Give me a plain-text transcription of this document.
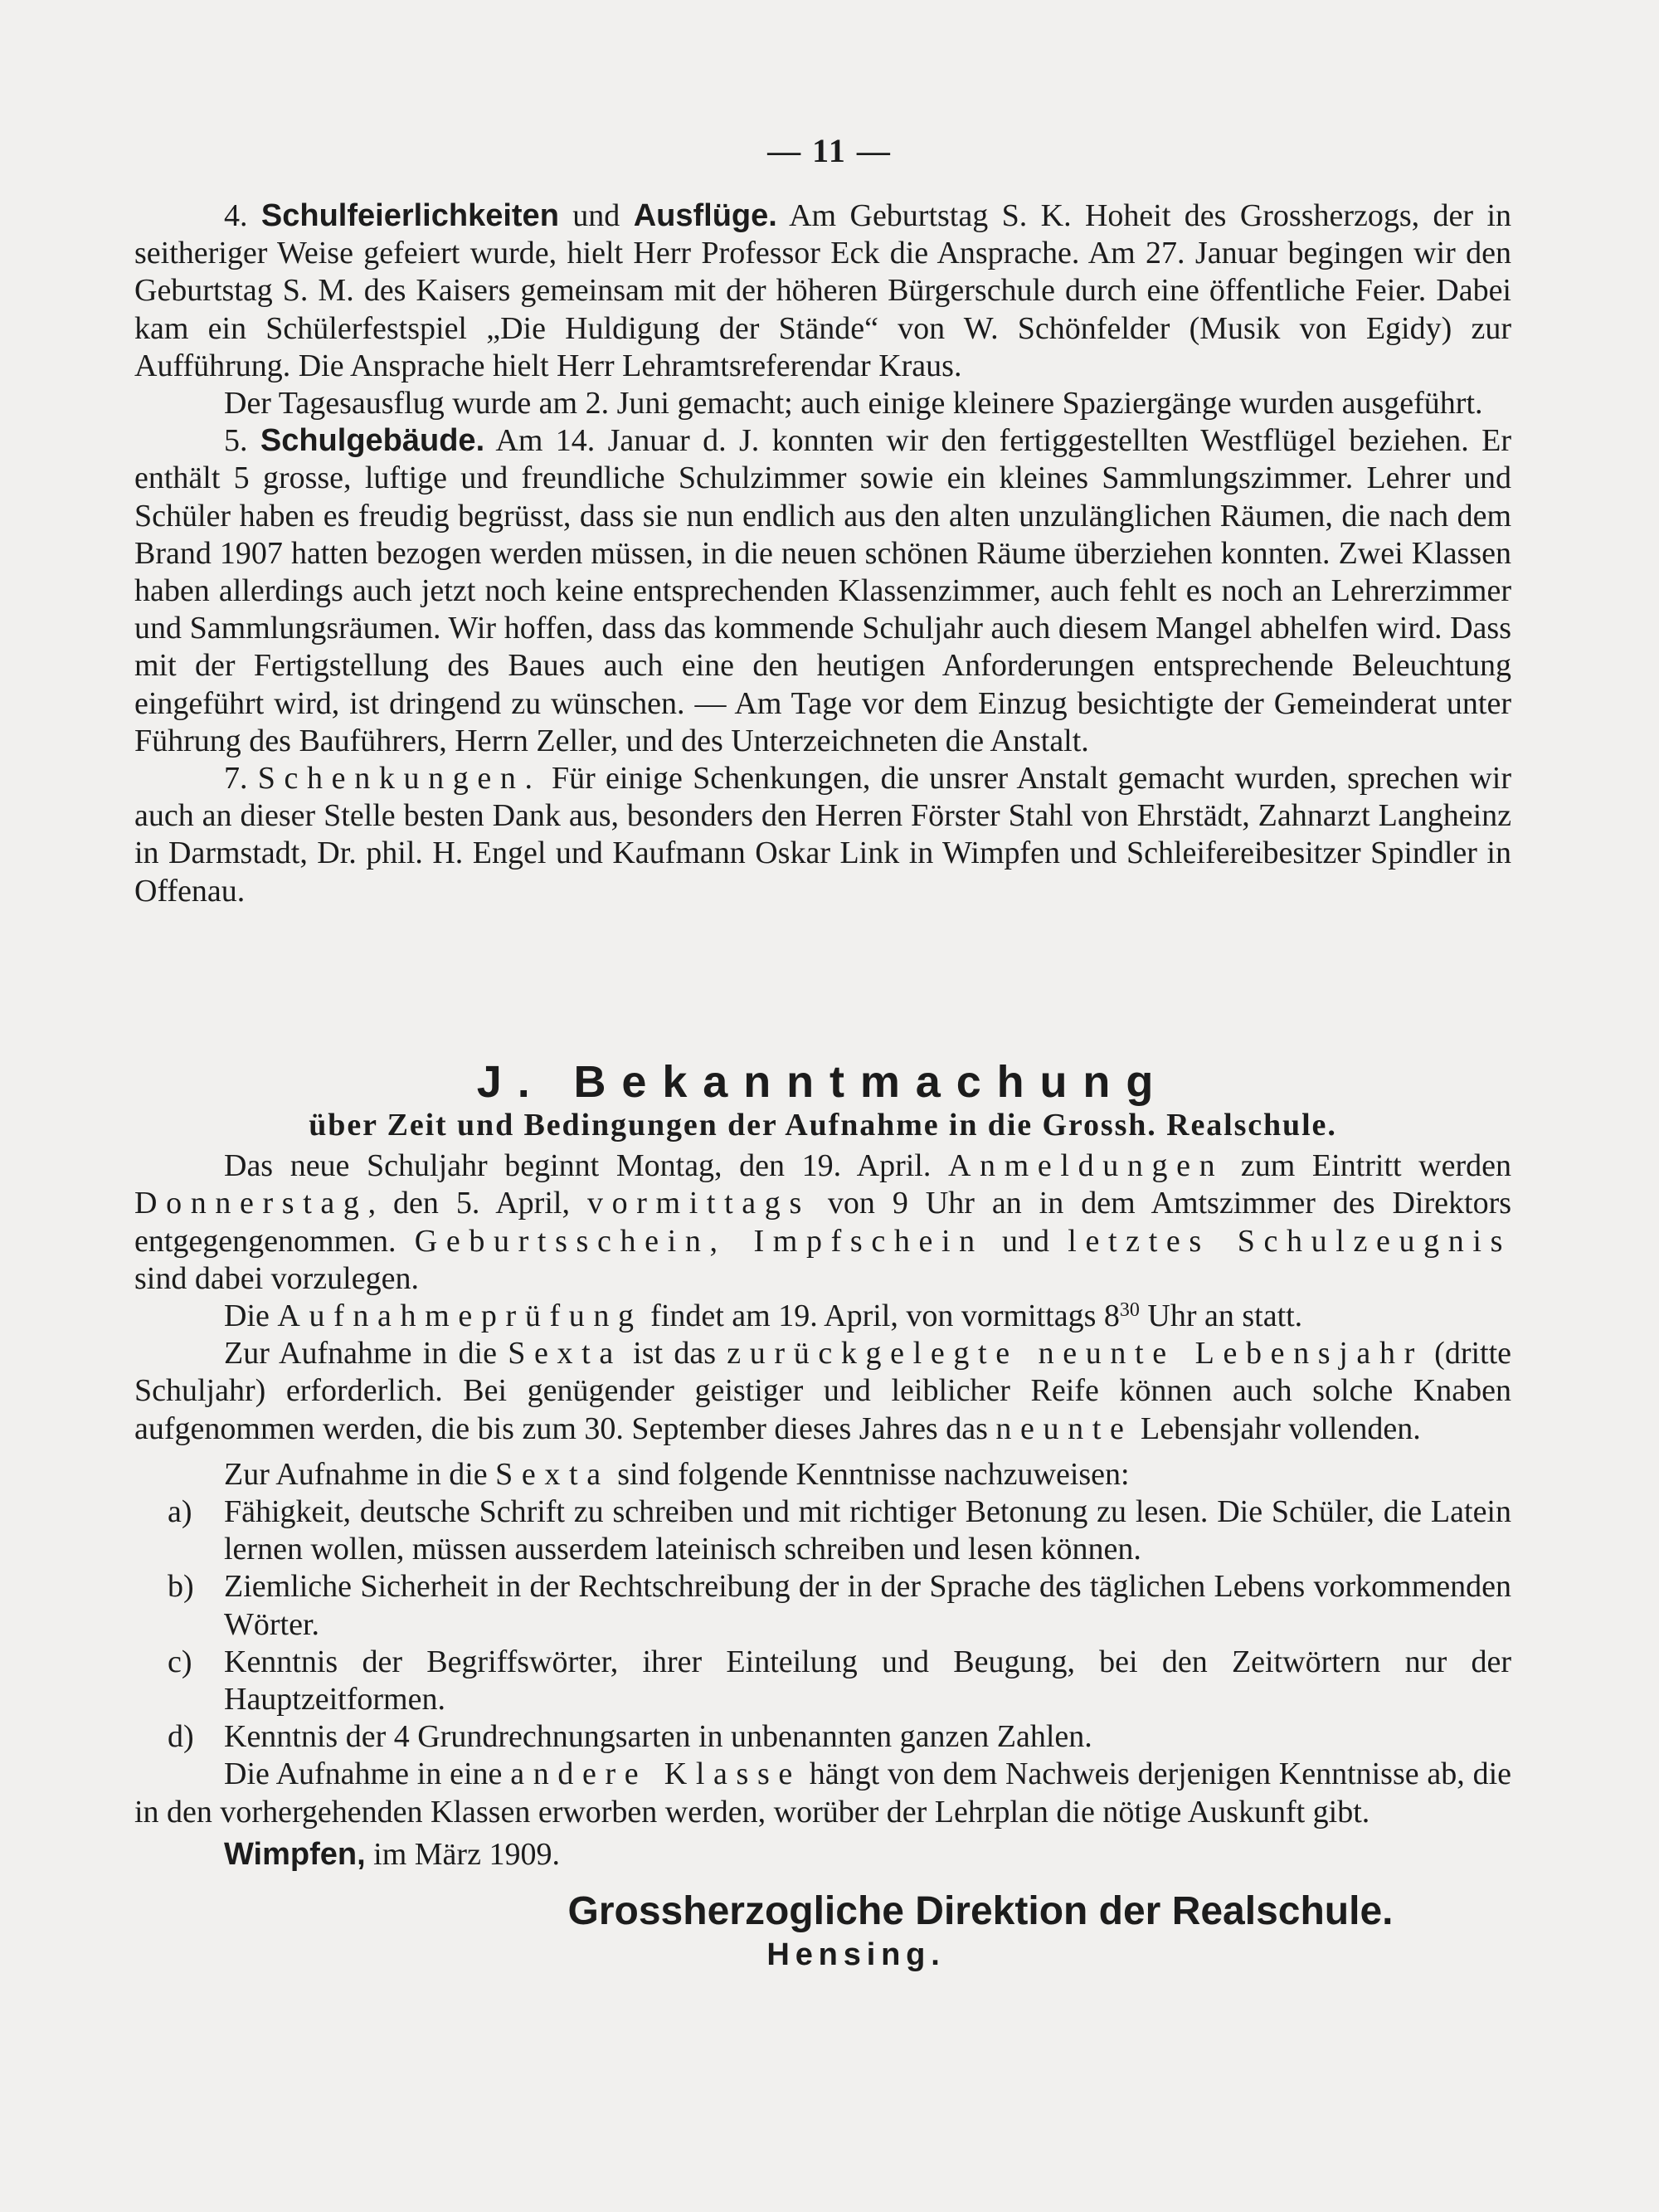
— 11 —

4. Schulfeierlichkeiten und Ausflüge. Am Geburtstag S. K. Hoheit des Grossherzogs, der in seitheriger Weise gefeiert wurde, hielt Herr Professor Eck die Ansprache. Am 27. Januar begingen wir den Geburtstag S. M. des Kaisers gemeinsam mit der höheren Bürgerschule durch eine öffentliche Feier. Dabei kam ein Schülerfestspiel „Die Huldigung der Stände“ von W. Schönfelder (Musik von Egidy) zur Aufführung. Die Ansprache hielt Herr Lehramtsreferendar Kraus.

Der Tagesausflug wurde am 2. Juni gemacht; auch einige kleinere Spaziergänge wurden ausgeführt.

5. Schulgebäude. Am 14. Januar d. J. konnten wir den fertiggestellten Westflügel beziehen. Er enthält 5 grosse, luftige und freundliche Schulzimmer sowie ein kleines Sammlungszimmer. Lehrer und Schüler haben es freudig begrüsst, dass sie nun endlich aus den alten unzulänglichen Räumen, die nach dem Brand 1907 hatten bezogen werden müssen, in die neuen schönen Räume überziehen konnten. Zwei Klassen haben allerdings auch jetzt noch keine entsprechenden Klassenzimmer, auch fehlt es noch an Lehrerzimmer und Sammlungsräumen. Wir hoffen, dass das kommende Schuljahr auch diesem Mangel abhelfen wird. Dass mit der Fertigstellung des Baues auch eine den heutigen Anforderungen entsprechende Beleuchtung eingeführt wird, ist dringend zu wünschen. — Am Tage vor dem Einzug besichtigte der Gemeinderat unter Führung des Bauführers, Herrn Zeller, und des Unterzeichneten die Anstalt.

7. Schenkungen. Für einige Schenkungen, die unsrer Anstalt gemacht wurden, sprechen wir auch an dieser Stelle besten Dank aus, besonders den Herren Förster Stahl von Ehrstädt, Zahnarzt Langheinz in Darmstadt, Dr. phil. H. Engel und Kaufmann Oskar Link in Wimpfen und Schleifereibesitzer Spindler in Offenau.

J. Bekanntmachung

über Zeit und Bedingungen der Aufnahme in die Grossh. Realschule.

Das neue Schuljahr beginnt Montag, den 19. April. Anmeldungen zum Eintritt werden Donnerstag, den 5. April, vormittags von 9 Uhr an in dem Amtszimmer des Direktors entgegengenommen. Geburtsschein, Impfschein und letztes Schulzeugnis sind dabei vorzulegen.

Die Aufnahmeprüfung findet am 19. April, von vormittags $8^{30}$ Uhr an statt.

Zur Aufnahme in die Sexta ist das zurückgelegte neunte Lebensjahr (dritte Schuljahr) erforderlich. Bei genügender geistiger und leiblicher Reife können auch solche Knaben aufgenommen werden, die bis zum 30. September dieses Jahres das neunte Lebensjahr vollenden.

Zur Aufnahme in die Sexta sind folgende Kenntnisse nachzuweisen:

a) Fähigkeit, deutsche Schrift zu schreiben und mit richtiger Betonung zu lesen. Die Schüler, die Latein lernen wollen, müssen ausserdem lateinisch schreiben und lesen können.
b) Ziemliche Sicherheit in der Rechtschreibung der in der Sprache des täglichen Lebens vorkommenden Wörter.
c) Kenntnis der Begriffswörter, ihrer Einteilung und Beugung, bei den Zeitwörtern nur der Hauptzeitformen.
d) Kenntnis der 4 Grundrechnungsarten in unbenannten ganzen Zahlen.

Die Aufnahme in eine andere Klasse hängt von dem Nachweis derjenigen Kenntnisse ab, die in den vorhergehenden Klassen erworben werden, worüber der Lehrplan die nötige Auskunft gibt.

Wimpfen, im März 1909.

Grossherzogliche Direktion der Realschule.
Hensing.
